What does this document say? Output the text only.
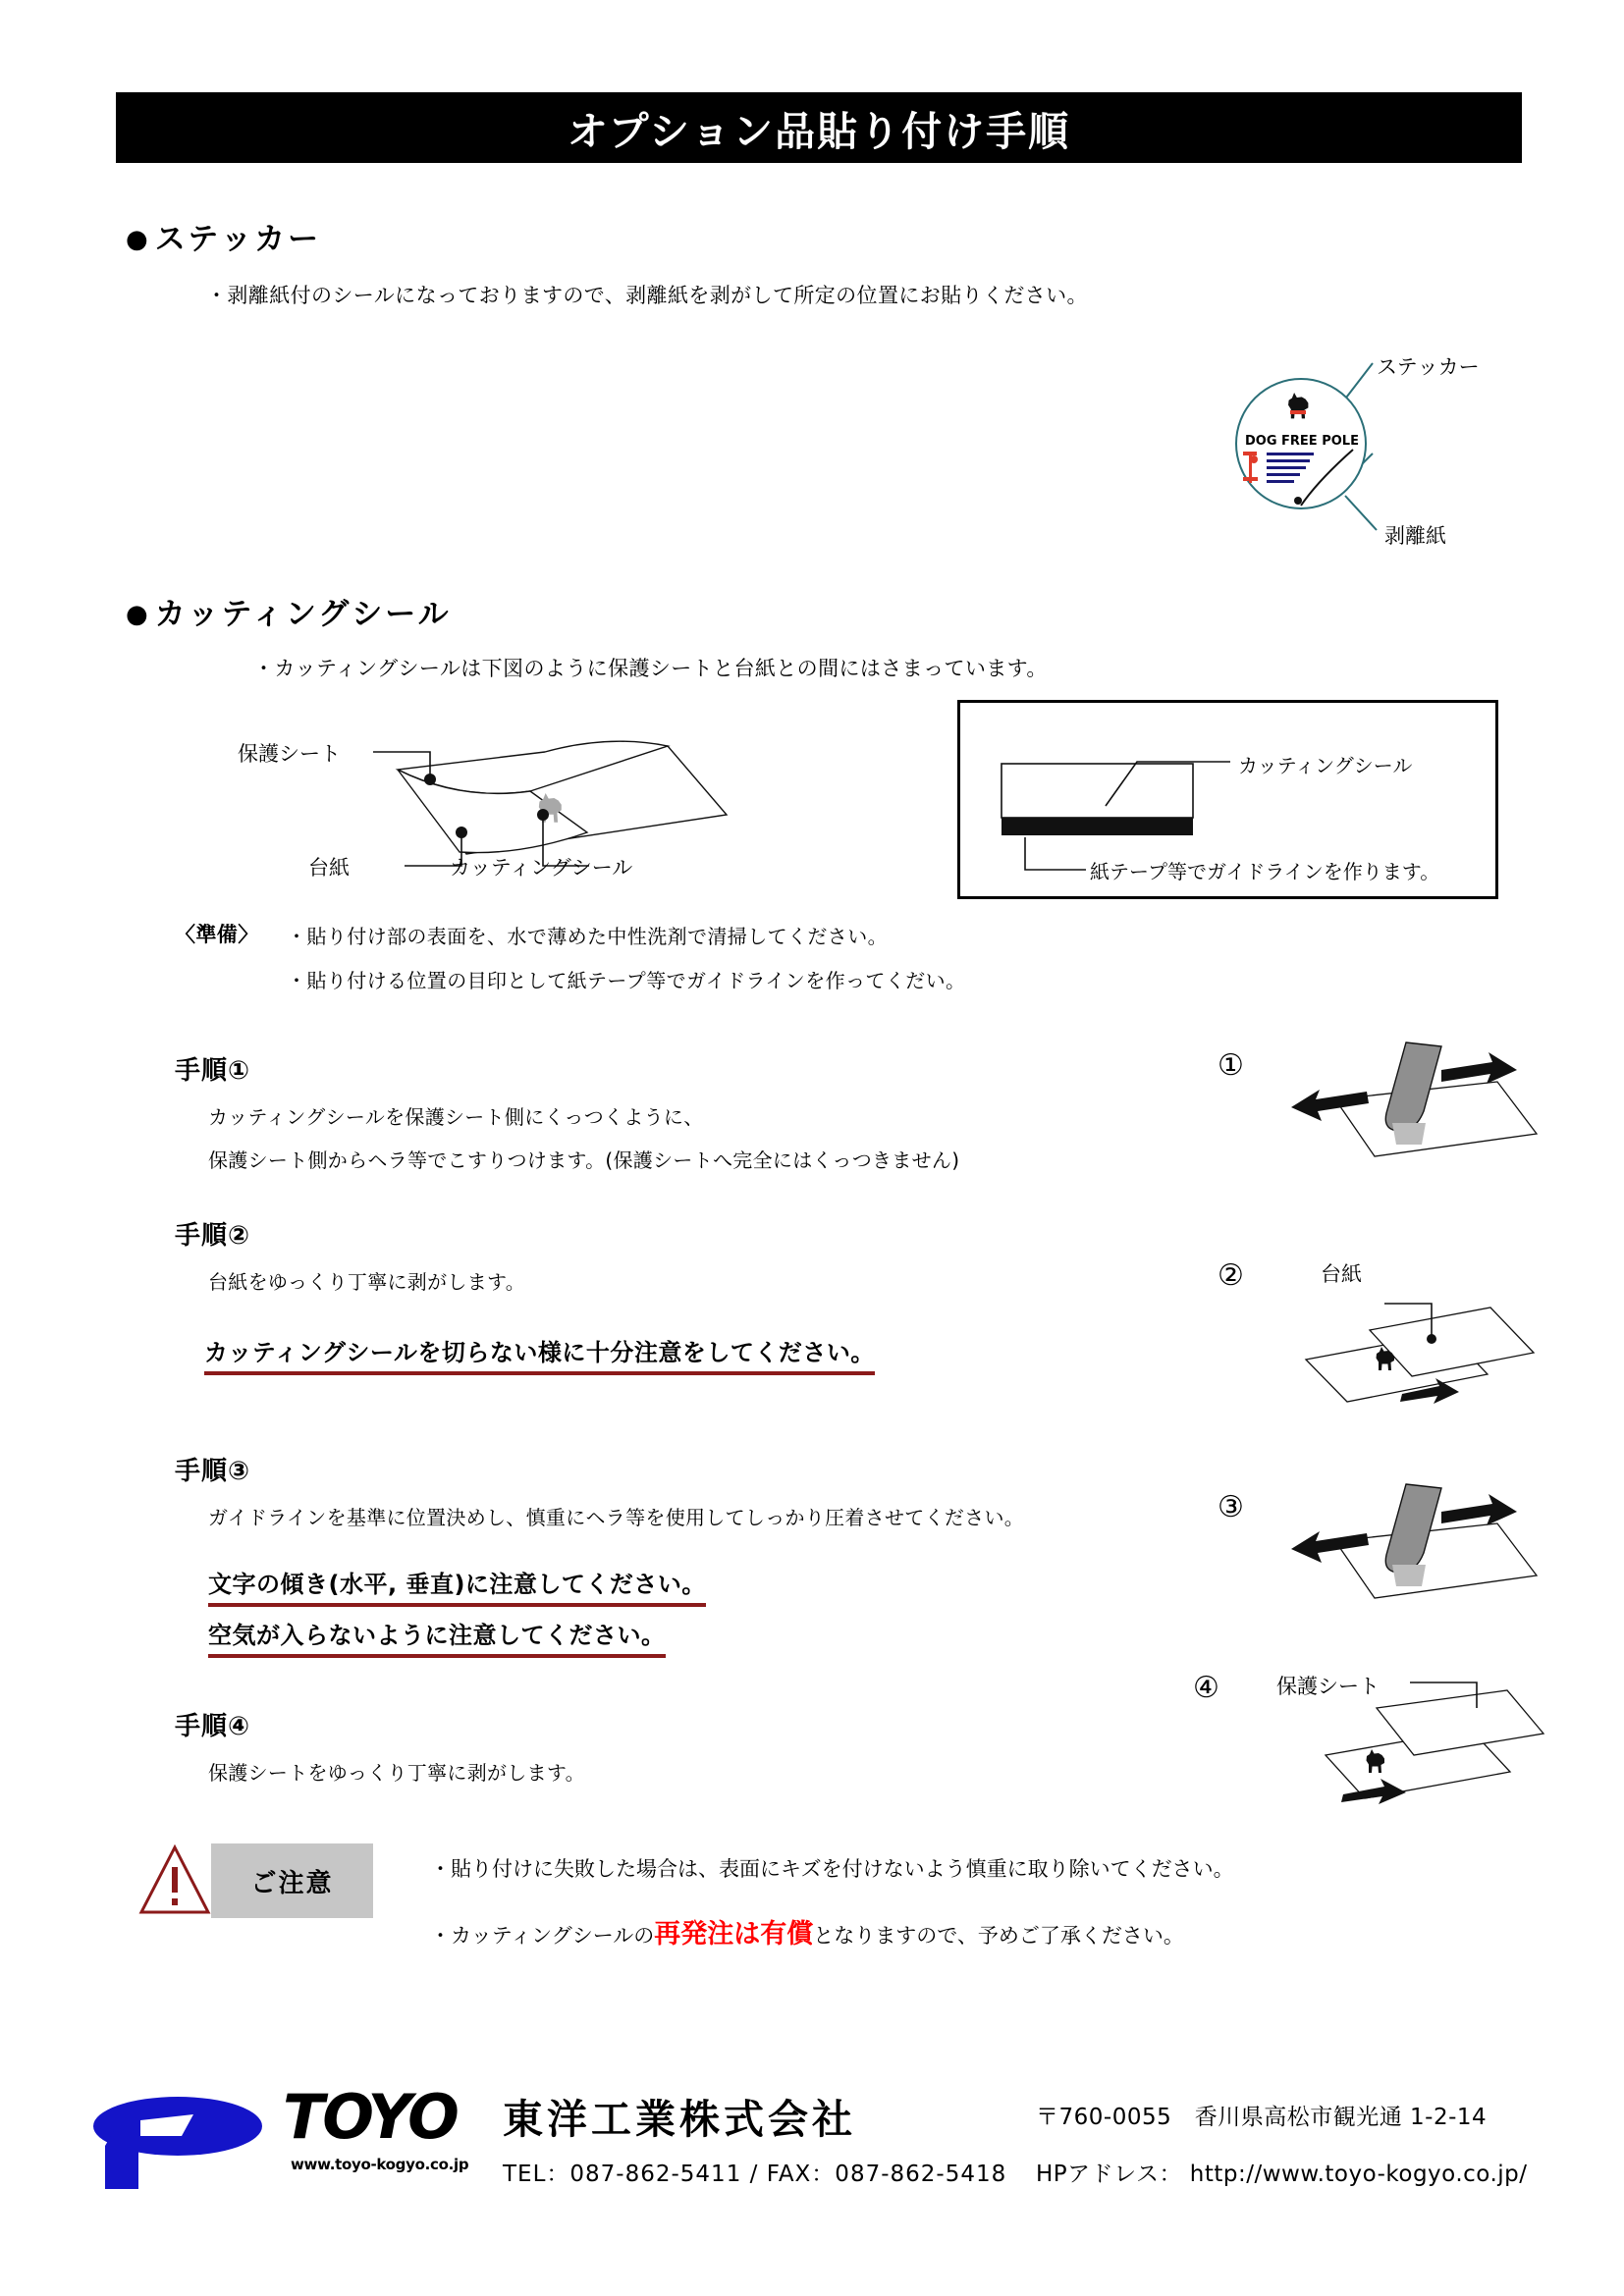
オプション品貼り付け手順
● ステッカー
・剥離紙付のシールになっておりますので、剥離紙を剥がして所定の位置にお貼りください。
DOG FREE POLE
ステッカー
剥離紙
● カッティングシール
・カッティングシールは下図のように保護シートと台紙との間にはさまっています。
保護シート
台紙	カッティングシール
カッティングシール
紙テープ等でガイドラインを作ります。
〈準備〉 ・貼り付け部の表面を、水で薄めた中性洗剤で清掃してください。
・貼り付ける位置の目印として紙テープ等でガイドラインを作ってくだい。
手順①
カッティングシールを保護シート側にくっつくように、
保護シート側からヘラ等でこすりつけます。(保護シートへ完全にはくっつきません)
①
手順②
台紙をゆっくり丁寧に剥がします。
カッティングシールを切らない様に十分注意をしてください。
②	台紙
手順③
ガイドラインを基準に位置決めし、慎重にヘラ等を使用してしっかり圧着させてください。
文字の傾き(水平, 垂直)に注意してください。
空気が入らないように注意してください。
③
手順④
保護シートをゆっくり丁寧に剥がします。
④	保護シート
ご注意	・貼り付けに失敗した場合は、表面にキズを付けないよう慎重に取り除いてください。
・カッティングシールの再発注は有償となりますので、予めご了承ください。
TOYO
www.toyo-kogyo.co.jp
東洋工業株式会社
TEL：087-862-5411 / FAX：087-862-5418
〒760-0055　香川県高松市観光通 1-2-14
HPアドレス： http://www.toyo-kogyo.co.jp/
